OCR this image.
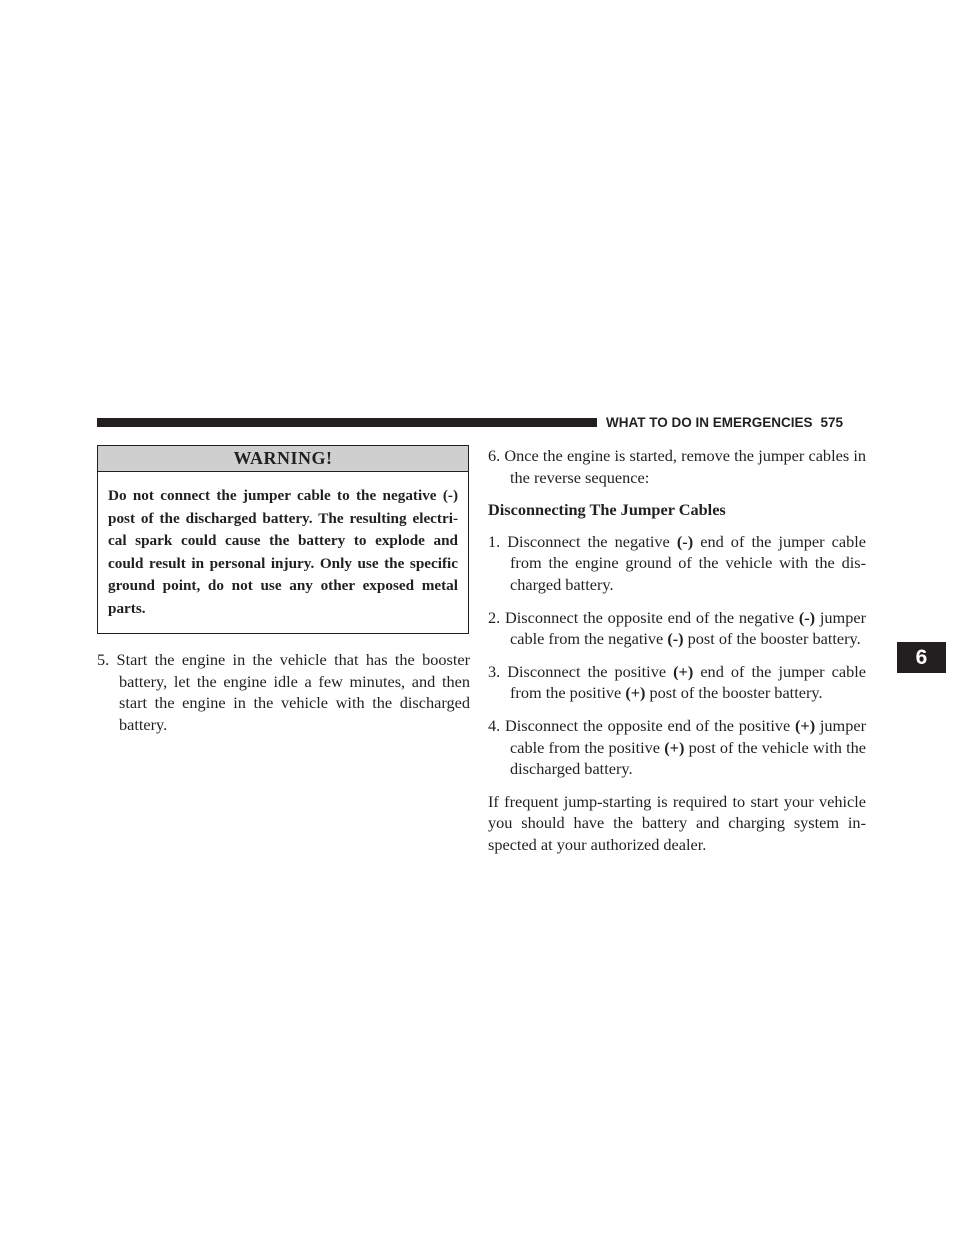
WHAT TO DO IN EMERGENCIES 575
6
WARNING!
Do not connect the jumper cable to the negative (-) post of the discharged battery. The resulting electri-cal spark could cause the battery to explode and could result in personal injury. Only use the specific ground point, do not use any other exposed metal parts.

5. Start the engine in the vehicle that has the booster battery, let the engine idle a few minutes, and then start the engine in the vehicle with the discharged battery.

6. Once the engine is started, remove the jumper cables in the reverse sequence:

Disconnecting The Jumper Cables

1. Disconnect the negative (-) end of the jumper cable from the engine ground of the vehicle with the dis-charged battery.

2. Disconnect the opposite end of the negative (-) jumper cable from the negative (-) post of the booster battery.

3. Disconnect the positive (+) end of the jumper cable from the positive (+) post of the booster battery.

4. Disconnect the opposite end of the positive (+) jumper cable from the positive (+) post of the vehicle with the discharged battery.

If frequent jump-starting is required to start your vehicle you should have the battery and charging system in-spected at your authorized dealer.
